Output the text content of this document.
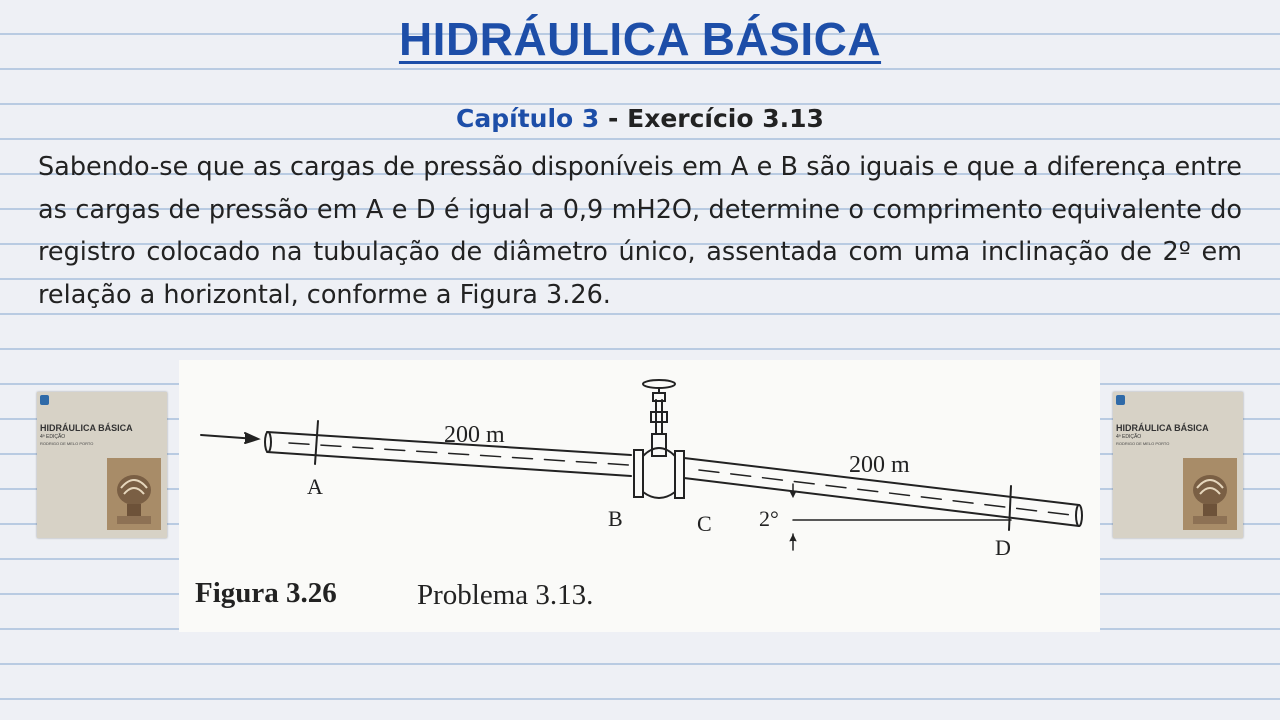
HIDRÁULICA BÁSICA
Capítulo 3 - Exercício 3.13
Sabendo-se que as cargas de pressão disponíveis em A e B são iguais e que a diferença entre as cargas de pressão em A e D é igual a 0,9 mH2O, determine o comprimento equivalente do registro colocado na tubulação de diâmetro único, assentada com uma inclinação de 2º em relação a horizontal, conforme a Figura 3.26.
HIDRÁULICA BÁSICA
4ª EDIÇÃO
RODRIGO DE MELO PORTO
HIDRÁULICA BÁSICA
4ª EDIÇÃO
RODRIGO DE MELO PORTO
200 m
200 m
A
B	C
D
2°
Figura 3.26	Problema 3.13.
